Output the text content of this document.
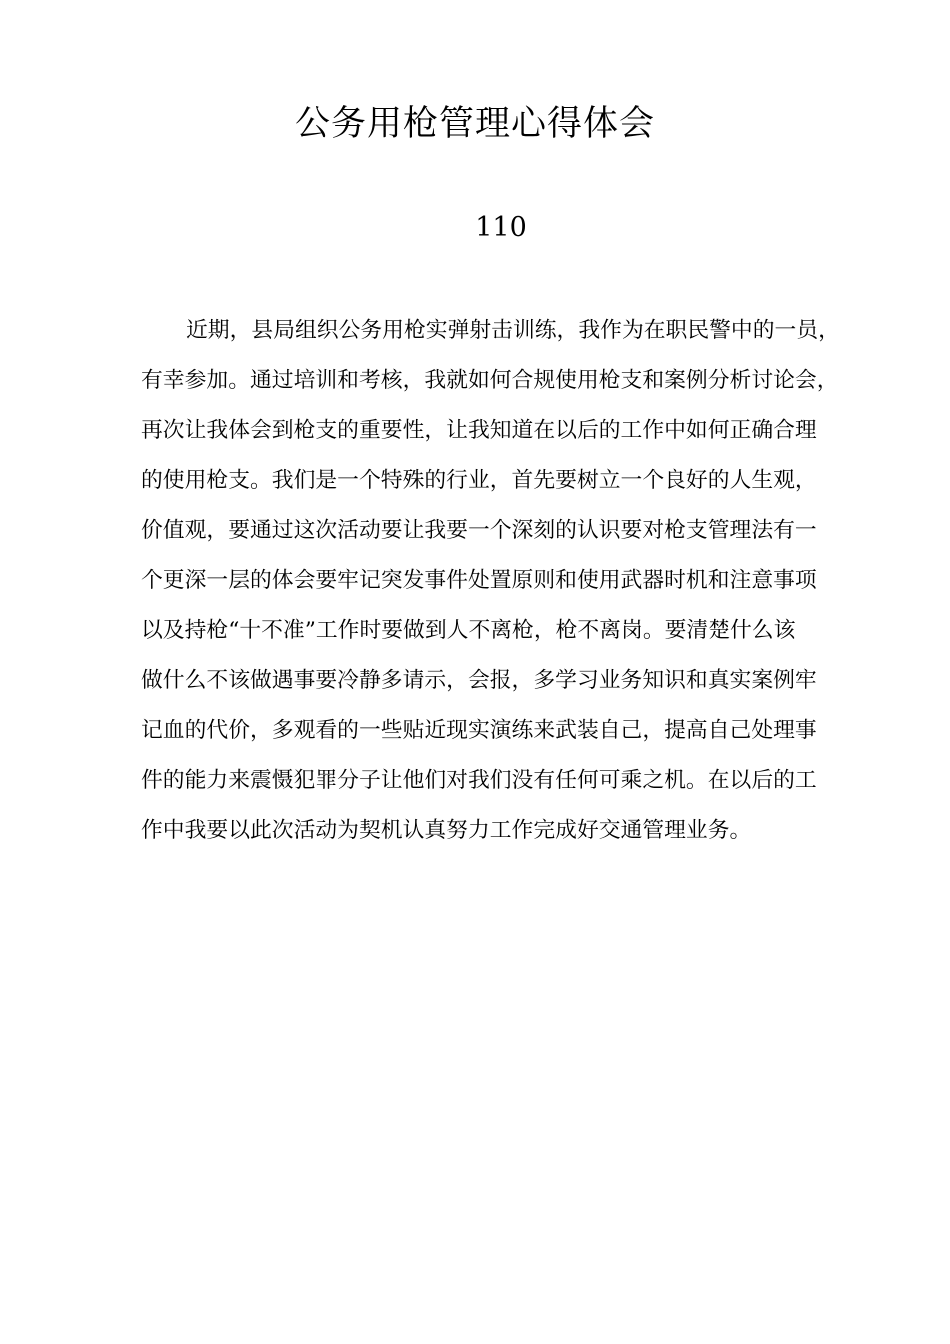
公务用枪管理心得体会
110
近期，县局组织公务用枪实弹射击训练，我作为在职民警中的一员，
有幸参加。通过培训和考核，我就如何合规使用枪支和案例分析讨论会，
再次让我体会到枪支的重要性，让我知道在以后的工作中如何正确合理
的使用枪支。我们是一个特殊的行业，首先要树立一个良好的人生观，
价值观，要通过这次活动要让我要一个深刻的认识要对枪支管理法有一
个更深一层的体会要牢记突发事件处置原则和使用武器时机和注意事项
以及持枪“十不准”工作时要做到人不离枪，枪不离岗。要清楚什么该
做什么不该做遇事要冷静多请示，会报，多学习业务知识和真实案例牢
记血的代价，多观看的一些贴近现实演练来武装自己，提高自己处理事
件的能力来震慑犯罪分子让他们对我们没有任何可乘之机。在以后的工
作中我要以此次活动为契机认真努力工作完成好交通管理业务。
